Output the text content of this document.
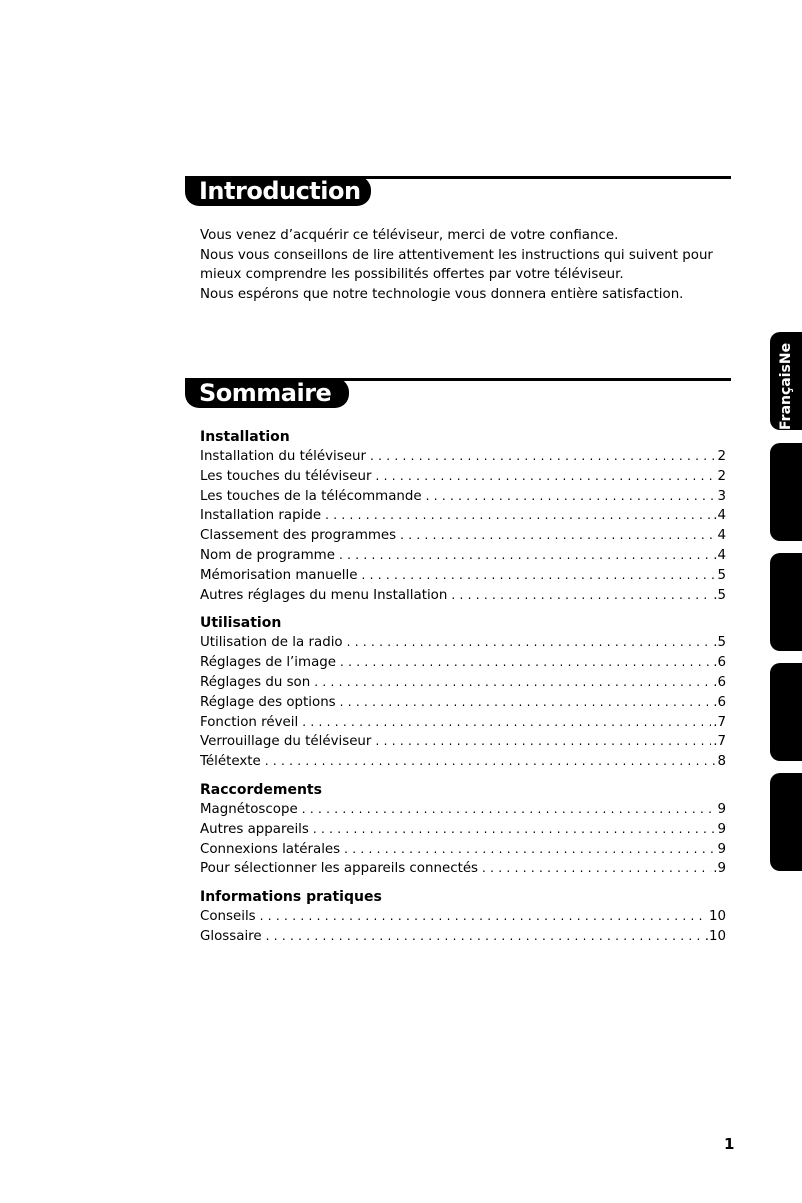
Introduction

Vous venez d’acquérir ce téléviseur, merci de votre confiance.

Nous vous conseillons de lire attentivement les instructions qui suivent pour mieux comprendre les possibilités offertes par votre téléviseur.

Nous espérons que notre technologie vous donnera entière satisfaction.

Sommaire
Installation
Installation du téléviseur . . .	2
Les touches du téléviseur . . .	2
Les touches de la télécommande . . .	3
Installation rapide . . .	.4
Classement des programmes . . .	4
Nom de programme . . .	.4
Mémorisation manuelle . . .	5
Autres réglages du menu Installation . . .	.5
Utilisation
Utilisation de la radio . . .	.5
Réglages de l’image . . .	.6
Réglages du son . . .	.6
Réglage des options . . .	.6
Fonction réveil . . .	.7
Verrouillage du téléviseur . . .	.7
Télétexte . . .	8
Raccordements
Magnétoscope . . .	9
Autres appareils . . .	9
Connexions latérales . . .	9
Pour sélectionner les appareils connectés . . .	.9
Informations pratiques
Conseils . . .	10
Glossaire . . .	.10
FrançaisNe
1
